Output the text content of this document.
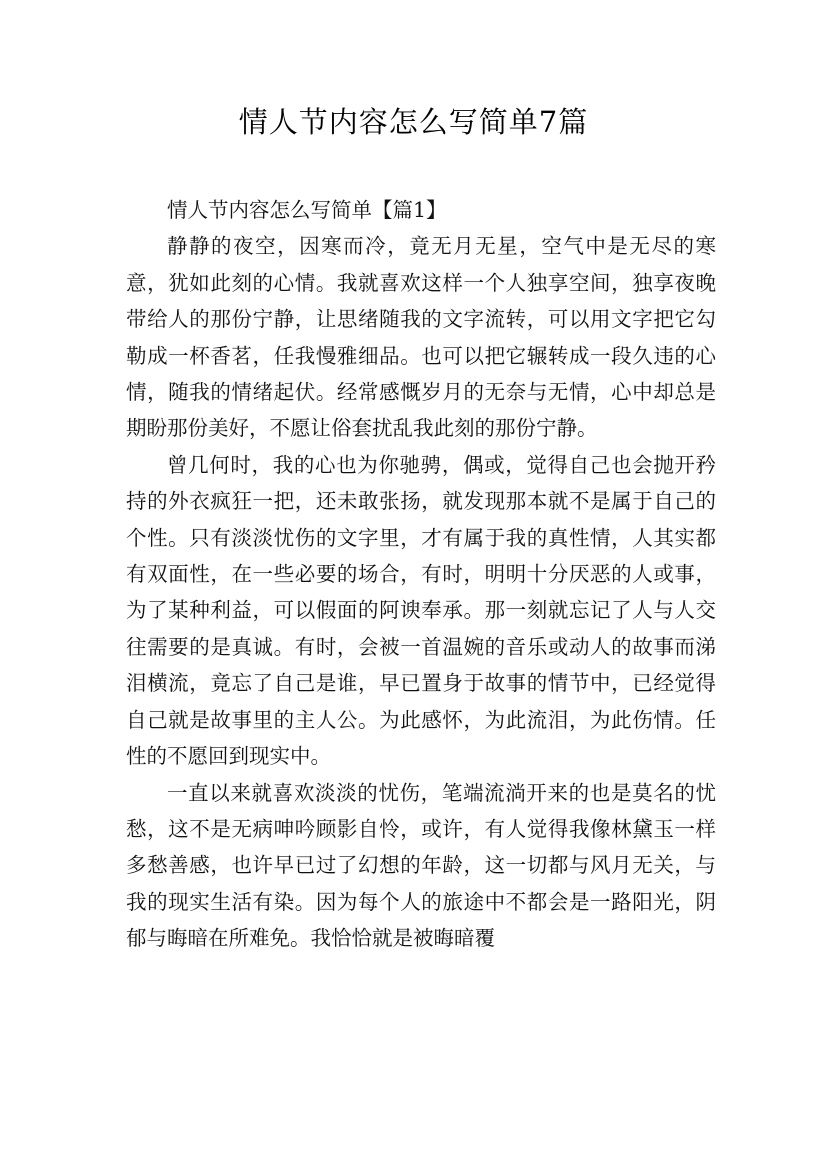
情人节内容怎么写简单7篇

情人节内容怎么写简单【篇1】

静静的夜空，因寒而冷，竟无月无星，空气中是无尽的寒意，犹如此刻的心情。我就喜欢这样一个人独享空间，独享夜晚带给人的那份宁静，让思绪随我的文字流转，可以用文字把它勾勒成一杯香茗，任我慢雅细品。也可以把它辗转成一段久违的心情，随我的情绪起伏。经常感慨岁月的无奈与无情，心中却总是期盼那份美好，不愿让俗套扰乱我此刻的那份宁静。

曾几何时，我的心也为你驰骋，偶或，觉得自己也会抛开矜持的外衣疯狂一把，还未敢张扬，就发现那本就不是属于自己的个性。只有淡淡忧伤的文字里，才有属于我的真性情，人其实都有双面性，在一些必要的场合，有时，明明十分厌恶的人或事，为了某种利益，可以假面的阿谀奉承。那一刻就忘记了人与人交往需要的是真诚。有时，会被一首温婉的音乐或动人的故事而涕泪横流，竟忘了自己是谁，早已置身于故事的情节中，已经觉得自己就是故事里的主人公。为此感怀，为此流泪，为此伤情。任性的不愿回到现实中。

一直以来就喜欢淡淡的忧伤，笔端流淌开来的也是莫名的忧愁，这不是无病呻吟顾影自怜，或许，有人觉得我像林黛玉一样多愁善感，也许早已过了幻想的年龄，这一切都与风月无关，与我的现实生活有染。因为每个人的旅途中不都会是一路阳光，阴郁与晦暗在所难免。我恰恰就是被晦暗覆
